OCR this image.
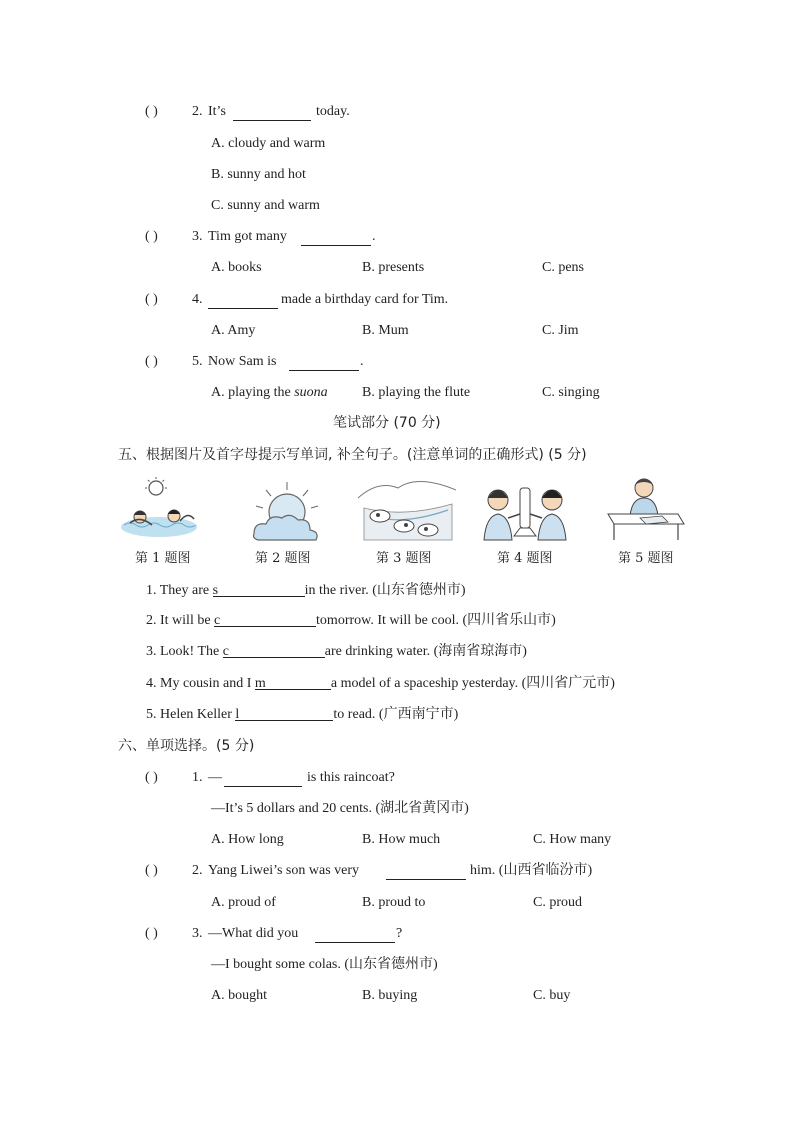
( ) 2. It’s	today.
A. cloudy and warm
B. sunny and hot
C. sunny and warm
( ) 3. Tim got many	.
A. books	B. presents	C. pens
( ) 4.	made a birthday card for Tim.
A. Amy	B. Mum	C. Jim
( ) 5. Now Sam is	.
A. playing the suona B. playing the flute	C. singing
笔试部分 (70 分)
五、根据图片及首字母提示写单词, 补全句子。(注意单词的正确形式) (5 分)
第 1 题图	第 2 题图	第 3 题图	第 4 题图	第 5 题图
1. They are s	in the river. (山东省德州市)
2. It will be c	tomorrow. It will be cool. (四川省乐山市)
3. Look! The c	are drinking water. (海南省琼海市)
4. My cousin and I m	a model of a spaceship yesterday. (四川省广元市)
5. Helen Keller l	to read. (广西南宁市)
六、单项选择。(5 分)
( ) 1. —	is this raincoat?
—It’s 5 dollars and 20 cents. (湖北省黄冈市)
A. How long	B. How much	C. How many
( ) 2. Yang Liwei’s son was very	him. (山西省临汾市)
A. proud of	B. proud to	C. proud
( ) 3. —What did you	?
—I bought some colas. (山东省德州市)
A. bought	B. buying	C. buy
